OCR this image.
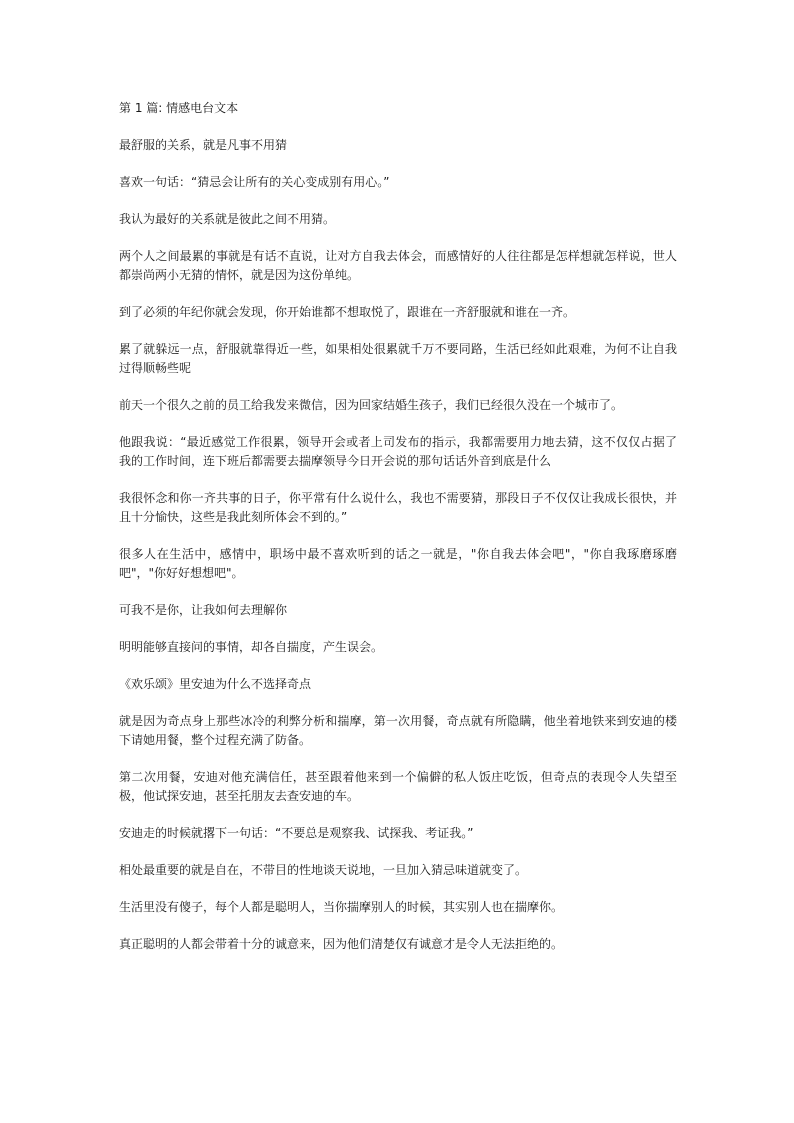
第 1 篇: 情感电台文本

最舒服的关系，就是凡事不用猜

喜欢一句话：“猜忌会让所有的关心变成别有用心。”

我认为最好的关系就是彼此之间不用猜。

两个人之间最累的事就是有话不直说，让对方自我去体会，而感情好的人往往都是怎样想就怎样说，世人都崇尚两小无猜的情怀，就是因为这份单纯。

到了必须的年纪你就会发现，你开始谁都不想取悦了，跟谁在一齐舒服就和谁在一齐。

累了就躲远一点，舒服就靠得近一些，如果相处很累就千万不要同路，生活已经如此艰难，为何不让自我过得顺畅些呢

前天一个很久之前的员工给我发来微信，因为回家结婚生孩子，我们已经很久没在一个城市了。

他跟我说：“最近感觉工作很累，领导开会或者上司发布的指示，我都需要用力地去猜，这不仅仅占据了我的工作时间，连下班后都需要去揣摩领导今日开会说的那句话话外音到底是什么

我很怀念和你一齐共事的日子，你平常有什么说什么，我也不需要猜，那段日子不仅仅让我成长很快，并且十分愉快，这些是我此刻所体会不到的。”

很多人在生活中，感情中，职场中最不喜欢听到的话之一就是，"你自我去体会吧"，"你自我琢磨琢磨吧"，"你好好想想吧"。

可我不是你，让我如何去理解你

明明能够直接问的事情，却各自揣度，产生误会。

《欢乐颂》里安迪为什么不选择奇点

就是因为奇点身上那些冰冷的利弊分析和揣摩，第一次用餐，奇点就有所隐瞒，他坐着地铁来到安迪的楼下请她用餐，整个过程充满了防备。

第二次用餐，安迪对他充满信任，甚至跟着他来到一个偏僻的私人饭庄吃饭，但奇点的表现令人失望至极，他试探安迪，甚至托朋友去查安迪的车。

安迪走的时候就撂下一句话：“不要总是观察我、试探我、考证我。”

相处最重要的就是自在，不带目的性地谈天说地，一旦加入猜忌味道就变了。

生活里没有傻子，每个人都是聪明人，当你揣摩别人的时候，其实别人也在揣摩你。

真正聪明的人都会带着十分的诚意来，因为他们清楚仅有诚意才是令人无法拒绝的。
